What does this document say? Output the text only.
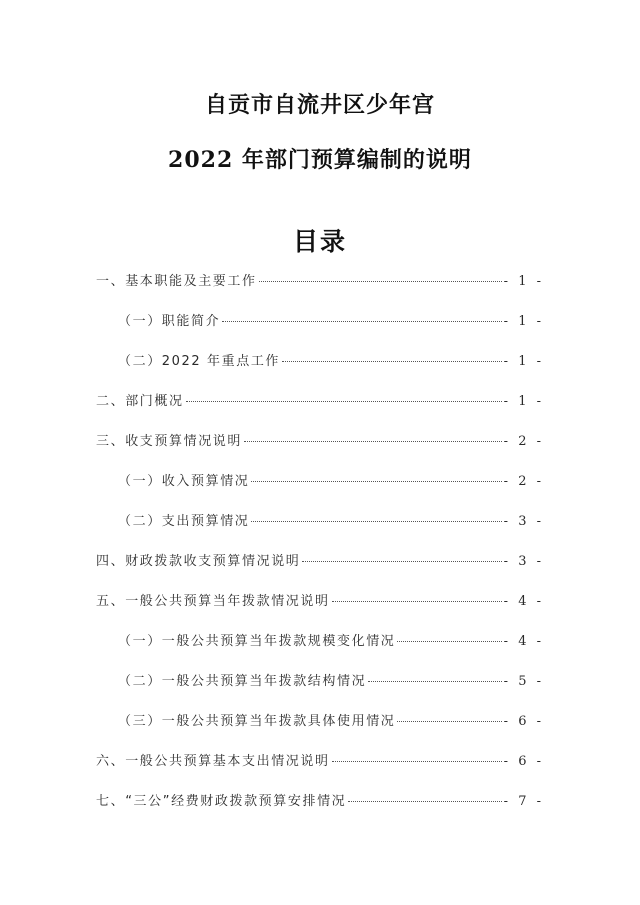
自贡市自流井区少年宫
2022 年部门预算编制的说明
目录
一、基本职能及主要工作	- 1 -
（一）职能简介	- 1 -
（二）2022 年重点工作	- 1 -
二、部门概况	- 1 -
三、收支预算情况说明	- 2 -
（一）收入预算情况	- 2 -
（二）支出预算情况	- 3 -
四、财政拨款收支预算情况说明	- 3 -
五、一般公共预算当年拨款情况说明	- 4 -
（一）一般公共预算当年拨款规模变化情况	- 4 -
（二）一般公共预算当年拨款结构情况	- 5 -
（三）一般公共预算当年拨款具体使用情况	- 6 -
六、一般公共预算基本支出情况说明	- 6 -
七、“三公”经费财政拨款预算安排情况	- 7 -
